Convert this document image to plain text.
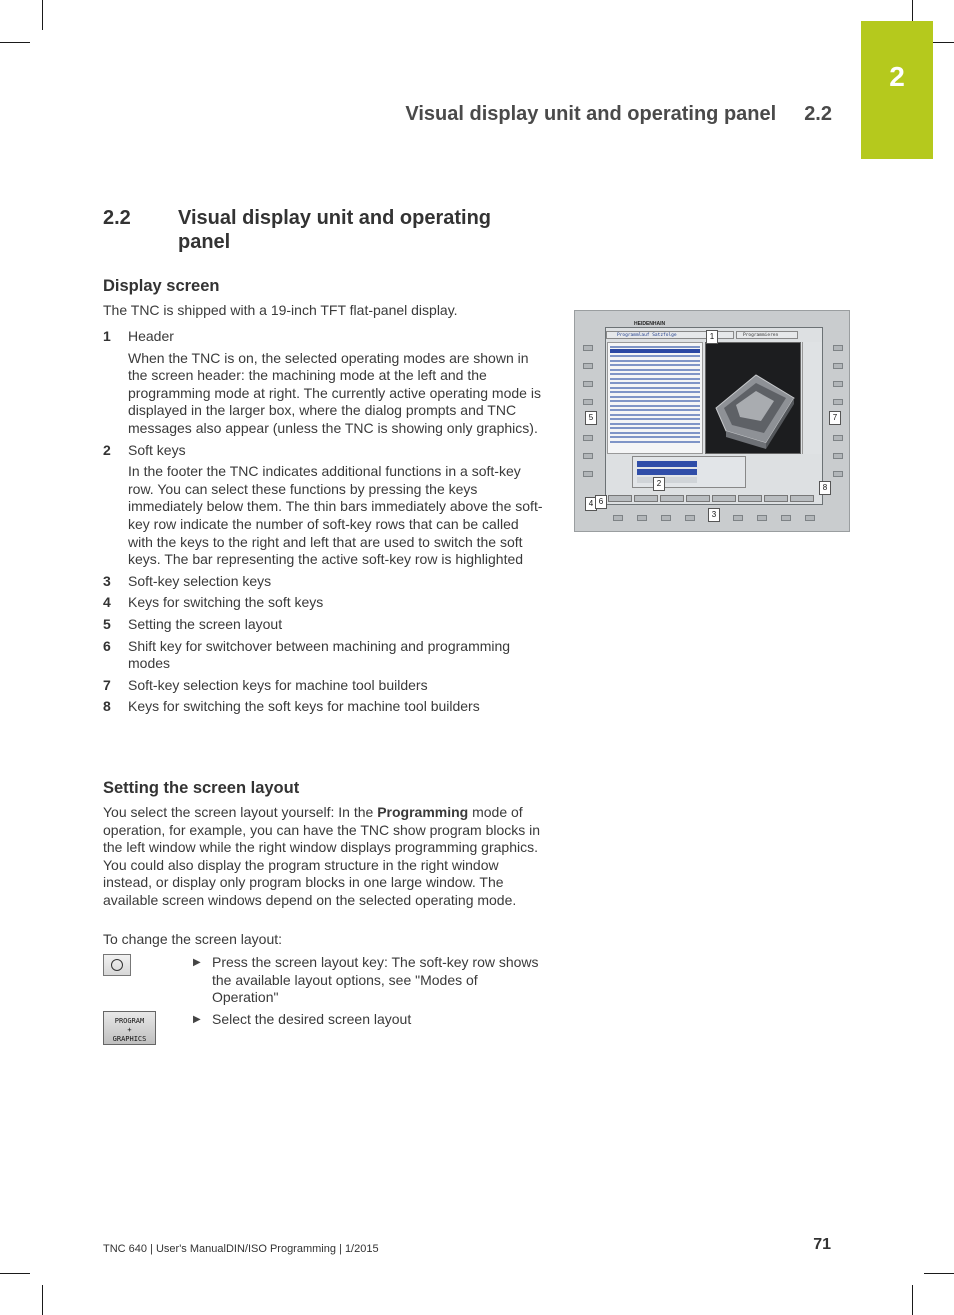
2
Visual display unit and operating panel 2.2
2.2 Visual display unit and operating panel
Display screen
The TNC is shipped with a 19-inch TFT flat-panel display.
1 Header
When the TNC is on, the selected operating modes are shown in the screen header: the machining mode at the left and the programming mode at right. The currently active operating mode is displayed in the larger box, where the dialog prompts and TNC messages also appear (unless the TNC is showing only graphics).
2 Soft keys
In the footer the TNC indicates additional functions in a soft-key row. You can select these functions by pressing the keys immediately below them. The thin bars immediately above the soft-key row indicate the number of soft-key rows that can be called with the keys to the right and left that are used to switch the soft keys. The bar representing the active soft-key row is highlighted
3 Soft-key selection keys
4 Keys for switching the soft keys
5 Setting the screen layout
6 Shift key for switchover between machining and programming modes
7 Soft-key selection keys for machine tool builders
8 Keys for switching the soft keys for machine tool builders
Setting the screen layout
You select the screen layout yourself: In the Programming mode of operation, for example, you can have the TNC show program blocks in the left window while the right window displays programming graphics. You could also display the program structure in the right window instead, or display only program blocks in one large window. The available screen windows depend on the selected operating mode.
To change the screen layout:
▶ Press the screen layout key: The soft-key row shows the available layout options, see "Modes of Operation"
PROGRAM
+
GRAPHICS
▶ Select the desired screen layout
HEIDENHAIN
Programmlauf Satzfolge	Programmieren
1
2
3
4
5
6
7
8
TNC 640 | User's ManualDIN/ISO Programming | 1/2015	71
